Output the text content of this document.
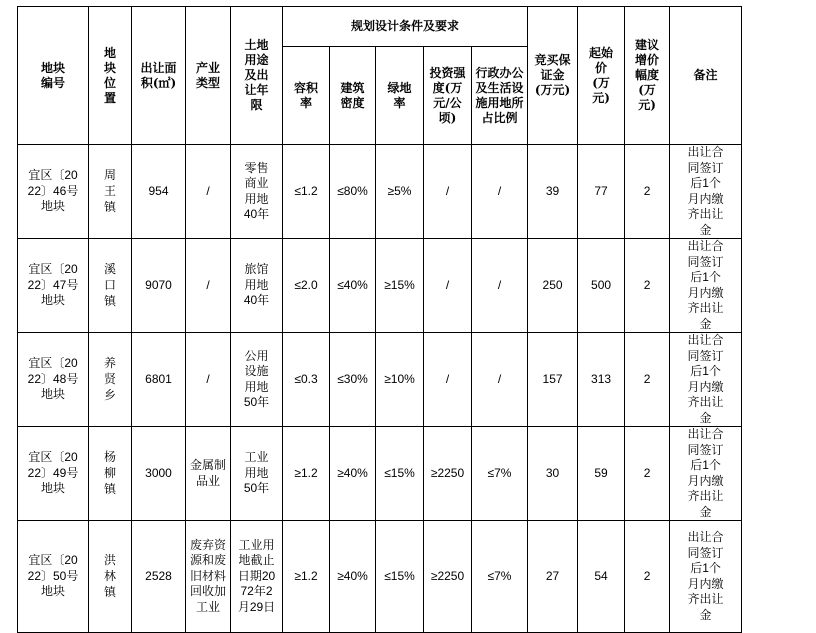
地块编号	地块位置	出让面积(㎡)	产业类型	土地用途及出让年限	规划设计条件及要求					竞买保证金(万元)	起始价(万元)	建议增价幅度(万元)	备注
					容积率	建筑密度	绿地率	投资强度(万元/公顷)	行政办公及生活设施用地所占比例				
宜区〔2022〕46号地块	周王镇	954	/	零售商业用地40年	≤1.2	≤80%	≥5%	/	/	39	77	2	出让合同签订后1个月内缴齐出让金
宜区〔2022〕47号地块	溪口镇	9070	/	旅馆用地40年	≤2.0	≤40%	≥15%	/	/	250	500	2	出让合同签订后1个月内缴齐出让金
宜区〔2022〕48号地块	养贤乡	6801	/	公用设施用地50年	≤0.3	≤30%	≥10%	/	/	157	313	2	出让合同签订后1个月内缴齐出让金
宜区〔2022〕49号地块	杨柳镇	3000	金属制品业	工业用地50年	≥1.2	≥40%	≤15%	≥2250	≤7%	30	59	2	出让合同签订后1个月内缴齐出让金
宜区〔2022〕50号地块	洪林镇	2528	废弃资源和废旧材料回收加工业	工业用地截止日期2072年2月29日	≥1.2	≥40%	≤15%	≥2250	≤7%	27	54	2	出让合同签订后1个月内缴齐出让金
